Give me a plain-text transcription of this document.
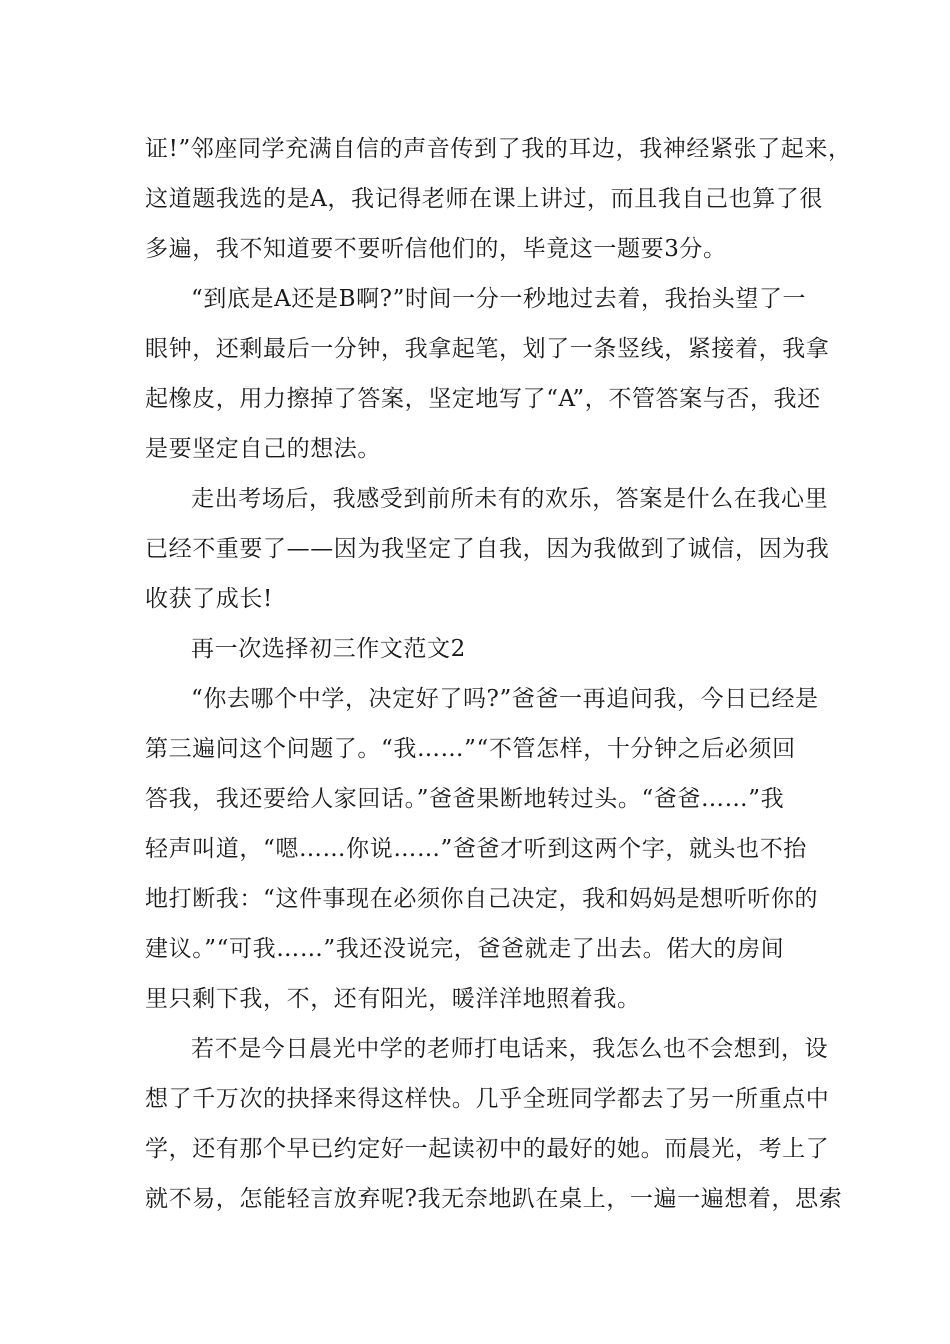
证!”邻座同学充满自信的声音传到了我的耳边，我神经紧张了起来，
这道题我选的是A，我记得老师在课上讲过，而且我自己也算了很
多遍，我不知道要不要听信他们的，毕竟这一题要3分。
“到底是A还是B啊?”时间一分一秒地过去着，我抬头望了一
眼钟，还剩最后一分钟，我拿起笔，划了一条竖线，紧接着，我拿
起橡皮，用力擦掉了答案，坚定地写了“A”，不管答案与否，我还
是要坚定自己的想法。
走出考场后，我感受到前所未有的欢乐，答案是什么在我心里
已经不重要了——因为我坚定了自我，因为我做到了诚信，因为我
收获了成长!
再一次选择初三作文范文2
“你去哪个中学，决定好了吗?”爸爸一再追问我，今日已经是
第三遍问这个问题了。“我……”“不管怎样，十分钟之后必须回
答我，我还要给人家回话。”爸爸果断地转过头。“爸爸……”我
轻声叫道，“嗯……你说……”爸爸才听到这两个字，就头也不抬
地打断我：“这件事现在必须你自己决定，我和妈妈是想听听你的
建议。”“可我……”我还没说完，爸爸就走了出去。偌大的房间
里只剩下我，不，还有阳光，暖洋洋地照着我。
若不是今日晨光中学的老师打电话来，我怎么也不会想到，设
想了千万次的抉择来得这样快。几乎全班同学都去了另一所重点中
学，还有那个早已约定好一起读初中的最好的她。而晨光，考上了
就不易，怎能轻言放弃呢?我无奈地趴在桌上，一遍一遍想着，思索
